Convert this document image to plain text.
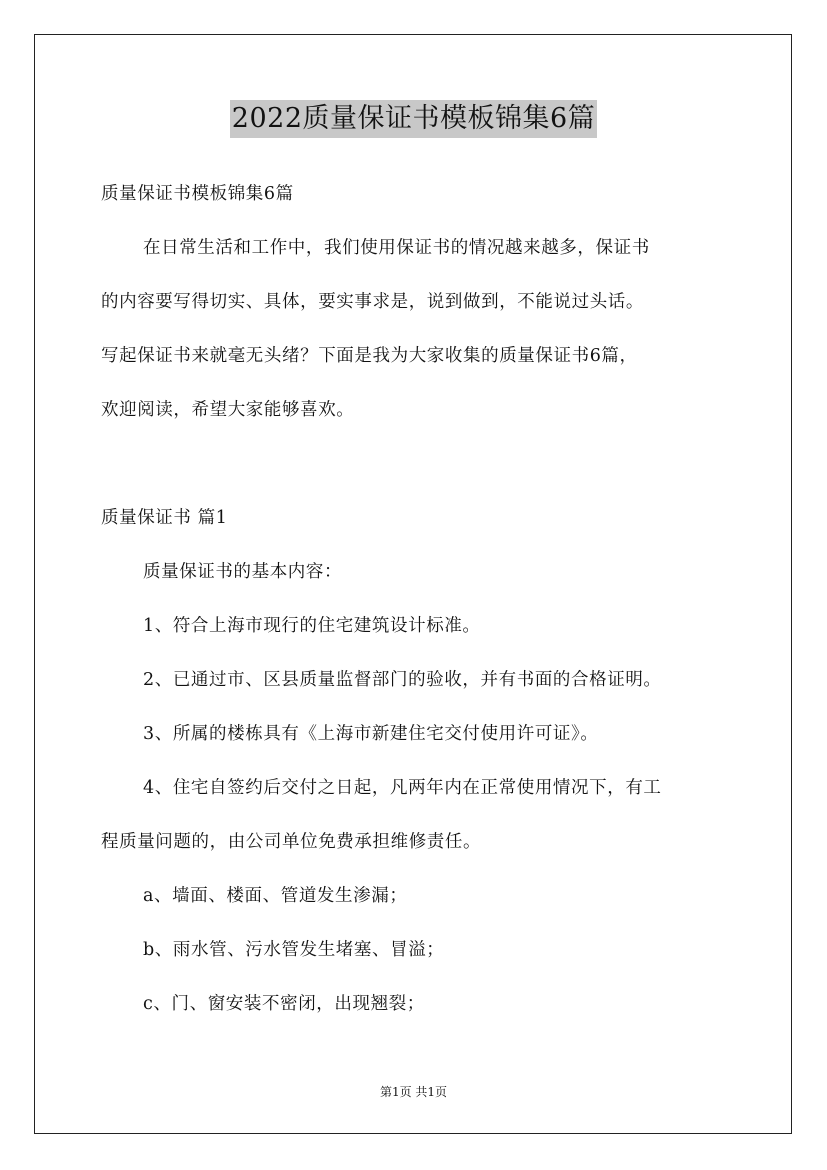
2022质量保证书模板锦集6篇
质量保证书模板锦集6篇
在日常生活和工作中，我们使用保证书的情况越来越多，保证书
的内容要写得切实、具体，要实事求是，说到做到，不能说过头话。
写起保证书来就毫无头绪？下面是我为大家收集的质量保证书6篇，
欢迎阅读，希望大家能够喜欢。
质量保证书 篇1
质量保证书的基本内容：
1、符合上海市现行的住宅建筑设计标准。
2、已通过市、区县质量监督部门的验收，并有书面的合格证明。
3、所属的楼栋具有《上海市新建住宅交付使用许可证》。
4、住宅自签约后交付之日起，凡两年内在正常使用情况下，有工
程质量问题的，由公司单位免费承担维修责任。
a、墙面、楼面、管道发生渗漏；
b、雨水管、污水管发生堵塞、冒溢；
c、门、窗安装不密闭，出现翘裂；
第1页 共1页
